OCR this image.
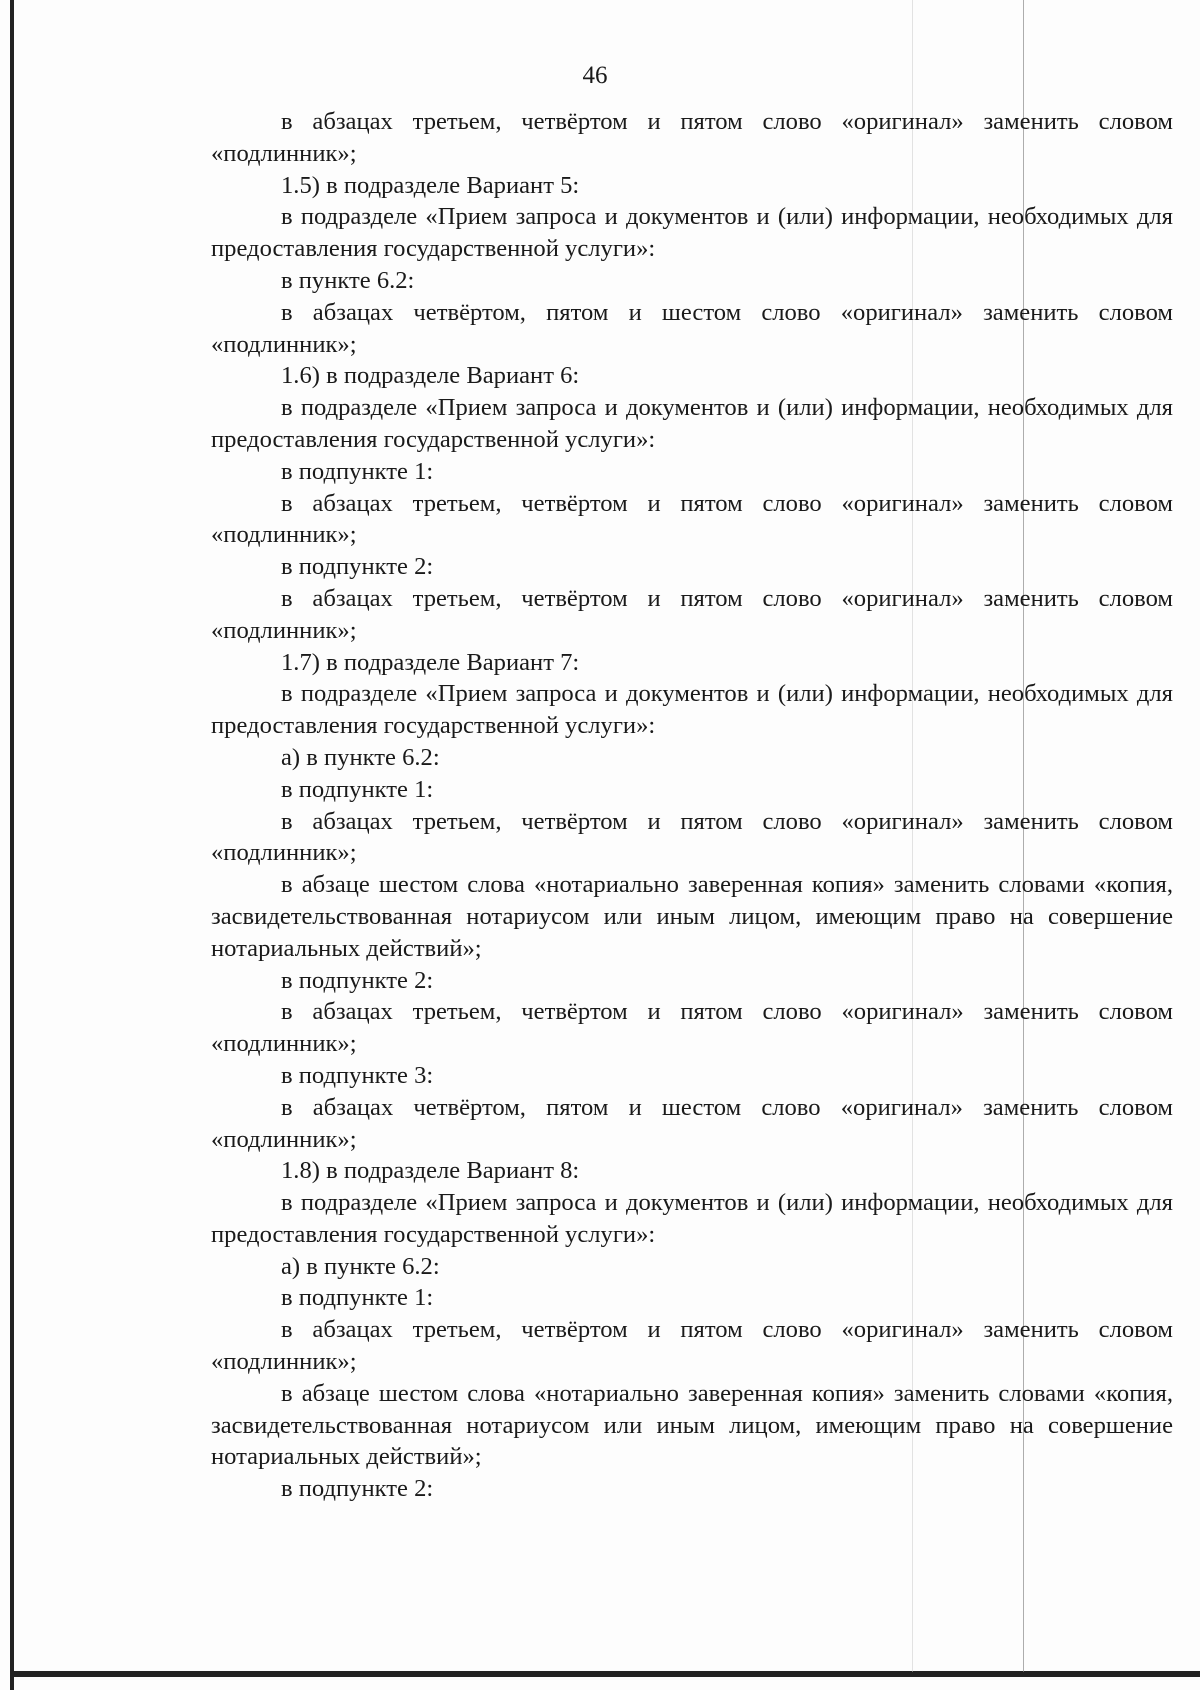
46

в абзацах третьем, четвёртом и пятом слово «оригинал» заменить словом «подлинник»;

1.5) в подразделе Вариант 5:

в подразделе «Прием запроса и документов и (или) информации, необходимых для предоставления государственной услуги»:

в пункте 6.2:

в абзацах четвёртом, пятом и шестом слово «оригинал» заменить словом «подлинник»;

1.6) в подразделе Вариант 6:

в подразделе «Прием запроса и документов и (или) информации, необходимых для предоставления государственной услуги»:

в подпункте 1:

в абзацах третьем, четвёртом и пятом слово «оригинал» заменить словом «подлинник»;

в подпункте 2:

в абзацах третьем, четвёртом и пятом слово «оригинал» заменить словом «подлинник»;

1.7) в подразделе Вариант 7:

в подразделе «Прием запроса и документов и (или) информации, необходимых для предоставления государственной услуги»:

а) в пункте 6.2:

в подпункте 1:

в абзацах третьем, четвёртом и пятом слово «оригинал» заменить словом «подлинник»;

в абзаце шестом слова «нотариально заверенная копия» заменить словами «копия, засвидетельствованная нотариусом или иным лицом, имеющим право на совершение нотариальных действий»;

в подпункте 2:

в абзацах третьем, четвёртом и пятом слово «оригинал» заменить словом «подлинник»;

в подпункте 3:

в абзацах четвёртом, пятом и шестом слово «оригинал» заменить словом «подлинник»;

1.8) в подразделе Вариант 8:

в подразделе «Прием запроса и документов и (или) информации, необходимых для предоставления государственной услуги»:

а) в пункте 6.2:

в подпункте 1:

в абзацах третьем, четвёртом и пятом слово «оригинал» заменить словом «подлинник»;

в абзаце шестом слова «нотариально заверенная копия» заменить словами «копия, засвидетельствованная нотариусом или иным лицом, имеющим право на совершение нотариальных действий»;

в подпункте 2:
